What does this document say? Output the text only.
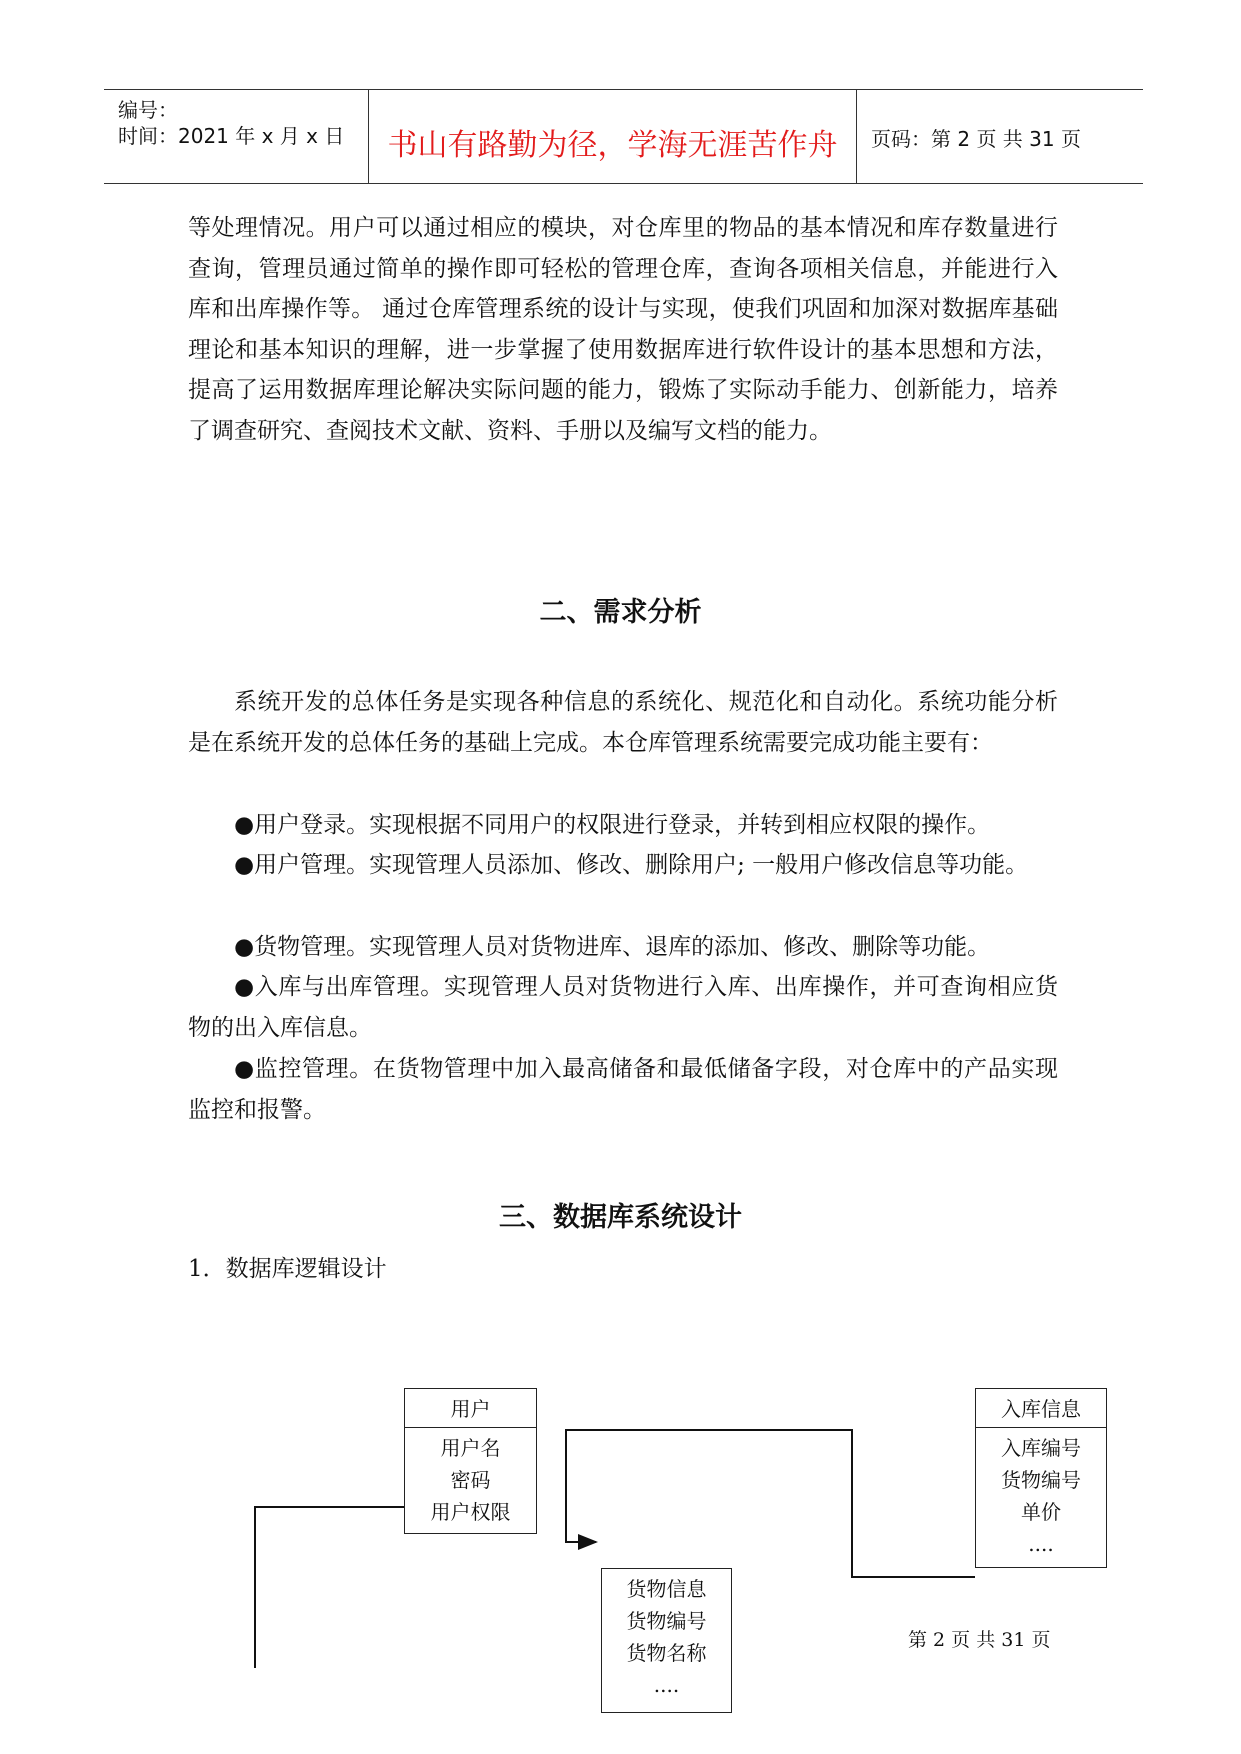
编号：
时间：2021 年 x 月 x 日	书山有路勤为径，学海无涯苦作舟	页码：第 2 页 共 31 页

等处理情况。用户可以通过相应的模块，对仓库里的物品的基本情况和库存数量进行查询，管理员通过简单的操作即可轻松的管理仓库，查询各项相关信息，并能进行入库和出库操作等。 通过仓库管理系统的设计与实现，使我们巩固和加深对数据库基础理论和基本知识的理解，进一步掌握了使用数据库进行软件设计的基本思想和方法，提高了运用数据库理论解决实际问题的能力，锻炼了实际动手能力、创新能力，培养了调查研究、查阅技术文献、资料、手册以及编写文档的能力。

二、需求分析

系统开发的总体任务是实现各种信息的系统化、规范化和自动化。系统功能分析是在系统开发的总体任务的基础上完成。本仓库管理系统需要完成功能主要有：

●用户登录。实现根据不同用户的权限进行登录，并转到相应权限的操作。

●用户管理。实现管理人员添加、修改、删除用户; 一般用户修改信息等功能。

●货物管理。实现管理人员对货物进库、退库的添加、修改、删除等功能。

●入库与出库管理。实现管理人员对货物进行入库、出库操作，并可查询相应货物的出入库信息。

●监控管理。在货物管理中加入最高储备和最低储备字段，对仓库中的产品实现监控和报警。

三、数据库系统设计
1．数据库逻辑设计
用户
用户名
密码
用户权限
入库信息
入库编号
货物编号
单价
....
货物信息
货物编号
货物名称
....
第 2 页 共 31 页
